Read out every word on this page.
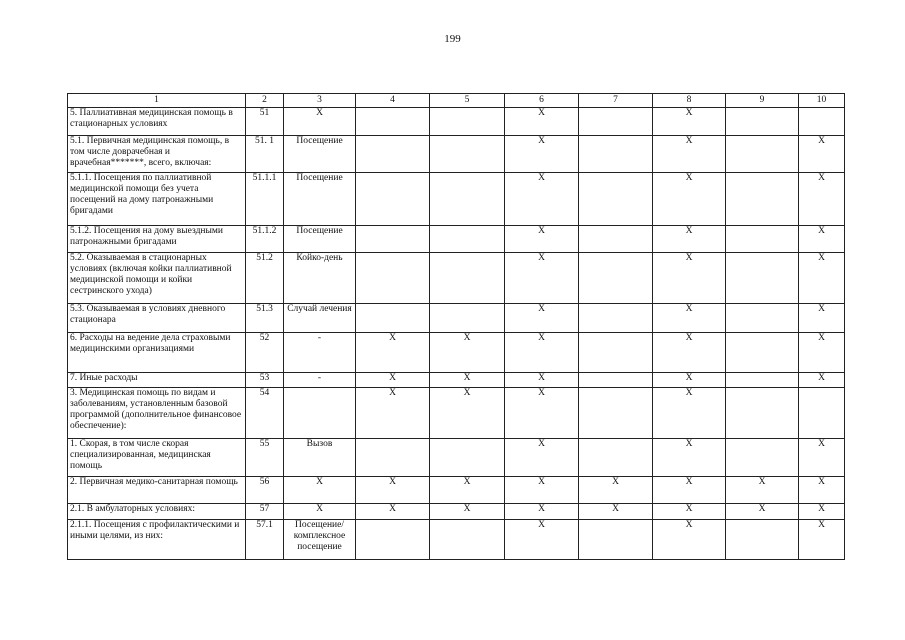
199
1	2	3	4	5	6	7	8	9	10
5. Паллиативная медицинская помощь в стационарных условиях	51	X			X		X		
5.1. Первичная медицинская помощь, в том числе доврачебная и врачебная*******, всего, включая:	51. 1	Посещение			X		X		X
5.1.1. Посещения по паллиативной медицинской помощи без учета посещений на дому патронажными бригадами	51.1.1	Посещение			X		X		X
5.1.2. Посещения на дому выездными патронажными бригадами	51.1.2	Посещение			X		X		X
5.2. Оказываемая в стационарных условиях (включая койки паллиативной медицинской помощи и койки сестринского ухода)	51.2	Койко-день			X		X		X
5.3. Оказываемая в условиях дневного стационара	51.3	Случай лечения			X		X		X
6. Расходы на ведение дела страховыми медицинскими организациями	52	-	X	X	X		X		X
7. Иные расходы	53	-	X	X	X		X		X
3. Медицинская помощь по видам и заболеваниям, установленным базовой программой (дополнительное финансовое обеспечение):	54		X	X	X		X		
1. Скорая, в том числе скорая специализированная, медицинская помощь	55	Вызов			X		X		X
2. Первичная медико-санитарная помощь	56	X	X	X	X	X	X	X	X
2.1. В амбулаторных условиях:	57	X	X	X	X	X	X	X	X
2.1.1. Посещения с профилактическими и иными целями, из них:	57.1	Посещение/ комплексное посещение			X		X		X
